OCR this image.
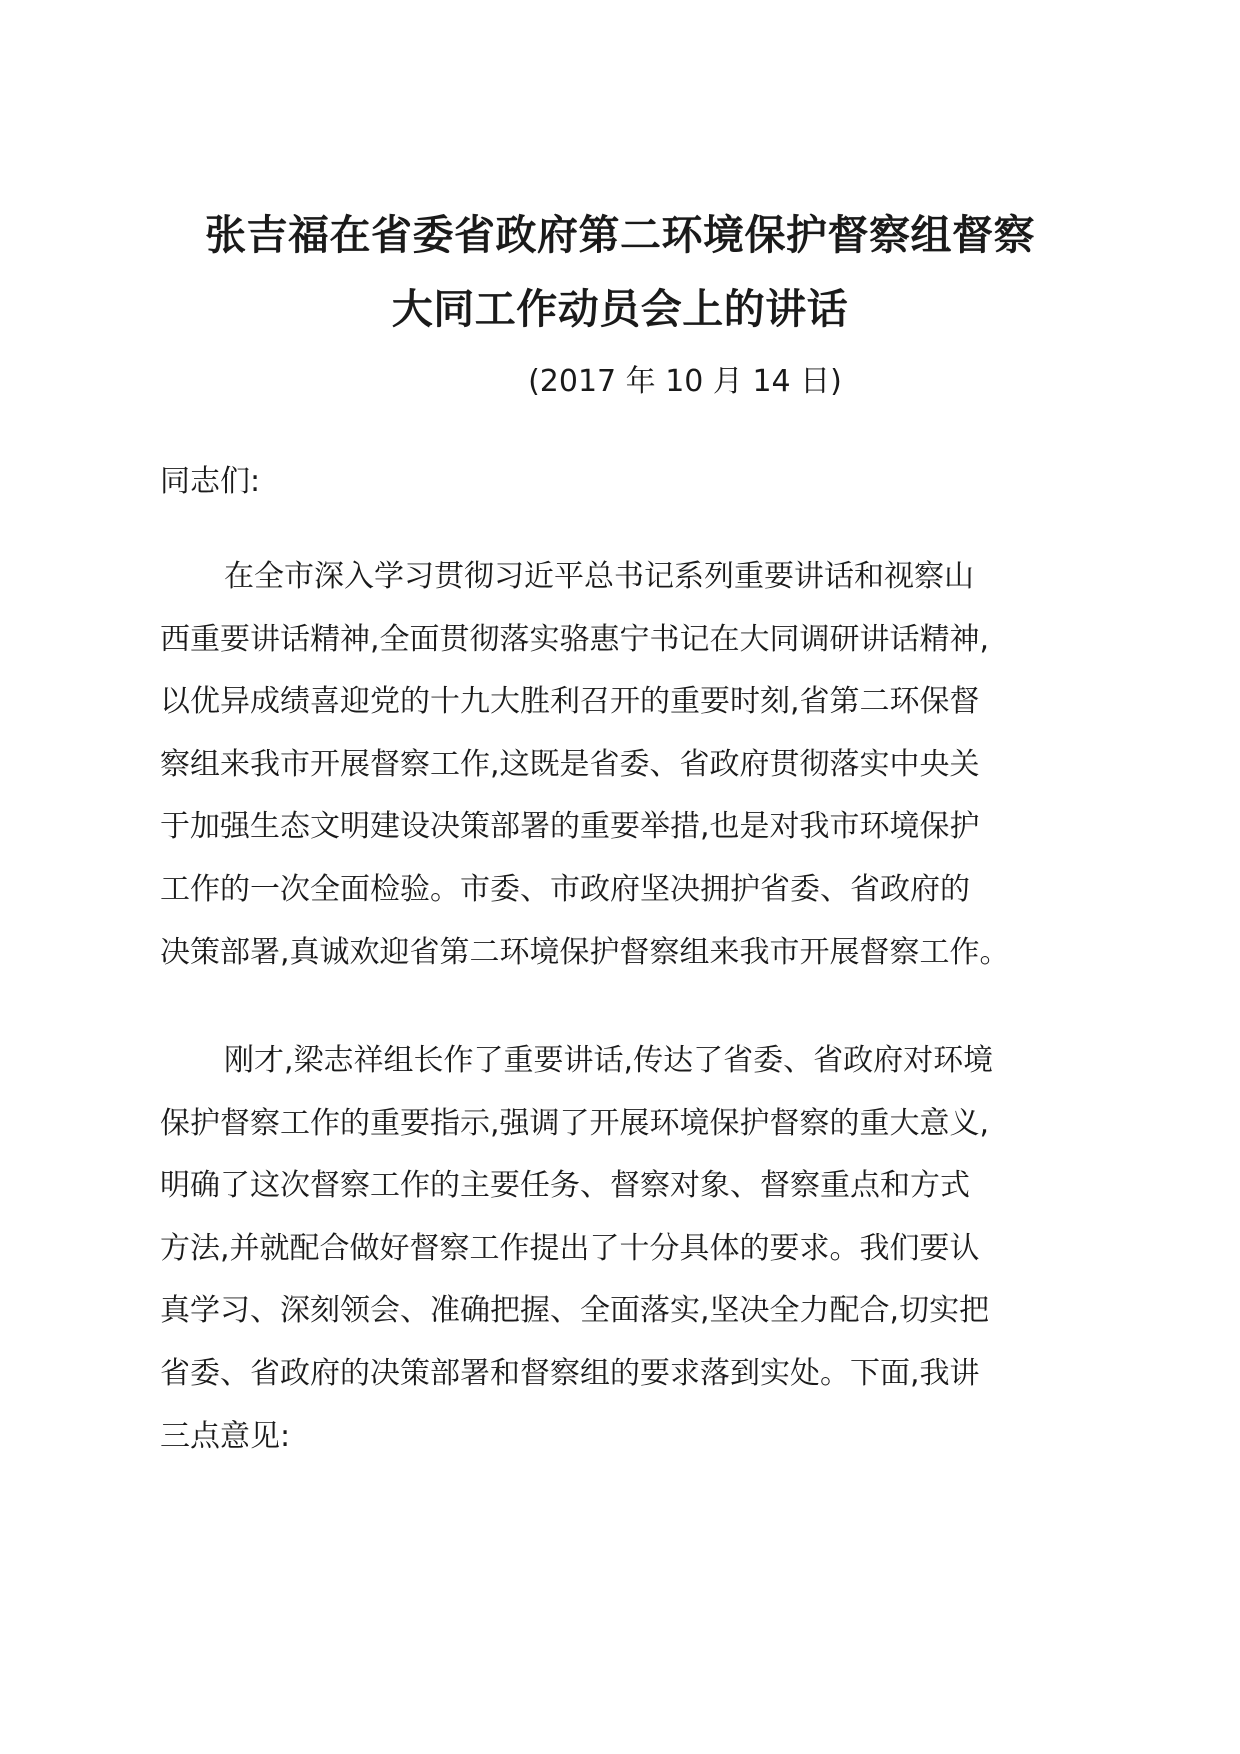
张吉福在省委省政府第二环境保护督察组督察
大同工作动员会上的讲话
(2017 年 10 月 14 日)
同志们:
在全市深入学习贯彻习近平总书记系列重要讲话和视察山
西重要讲话精神,全面贯彻落实骆惠宁书记在大同调研讲话精神,
以优异成绩喜迎党的十九大胜利召开的重要时刻,省第二环保督
察组来我市开展督察工作,这既是省委、省政府贯彻落实中央关
于加强生态文明建设决策部署的重要举措,也是对我市环境保护
工作的一次全面检验。市委、市政府坚决拥护省委、省政府的
决策部署,真诚欢迎省第二环境保护督察组来我市开展督察工作。
刚才,梁志祥组长作了重要讲话,传达了省委、省政府对环境
保护督察工作的重要指示,强调了开展环境保护督察的重大意义,
明确了这次督察工作的主要任务、督察对象、督察重点和方式
方法,并就配合做好督察工作提出了十分具体的要求。我们要认
真学习、深刻领会、准确把握、全面落实,坚决全力配合,切实把
省委、省政府的决策部署和督察组的要求落到实处。下面,我讲
三点意见:
